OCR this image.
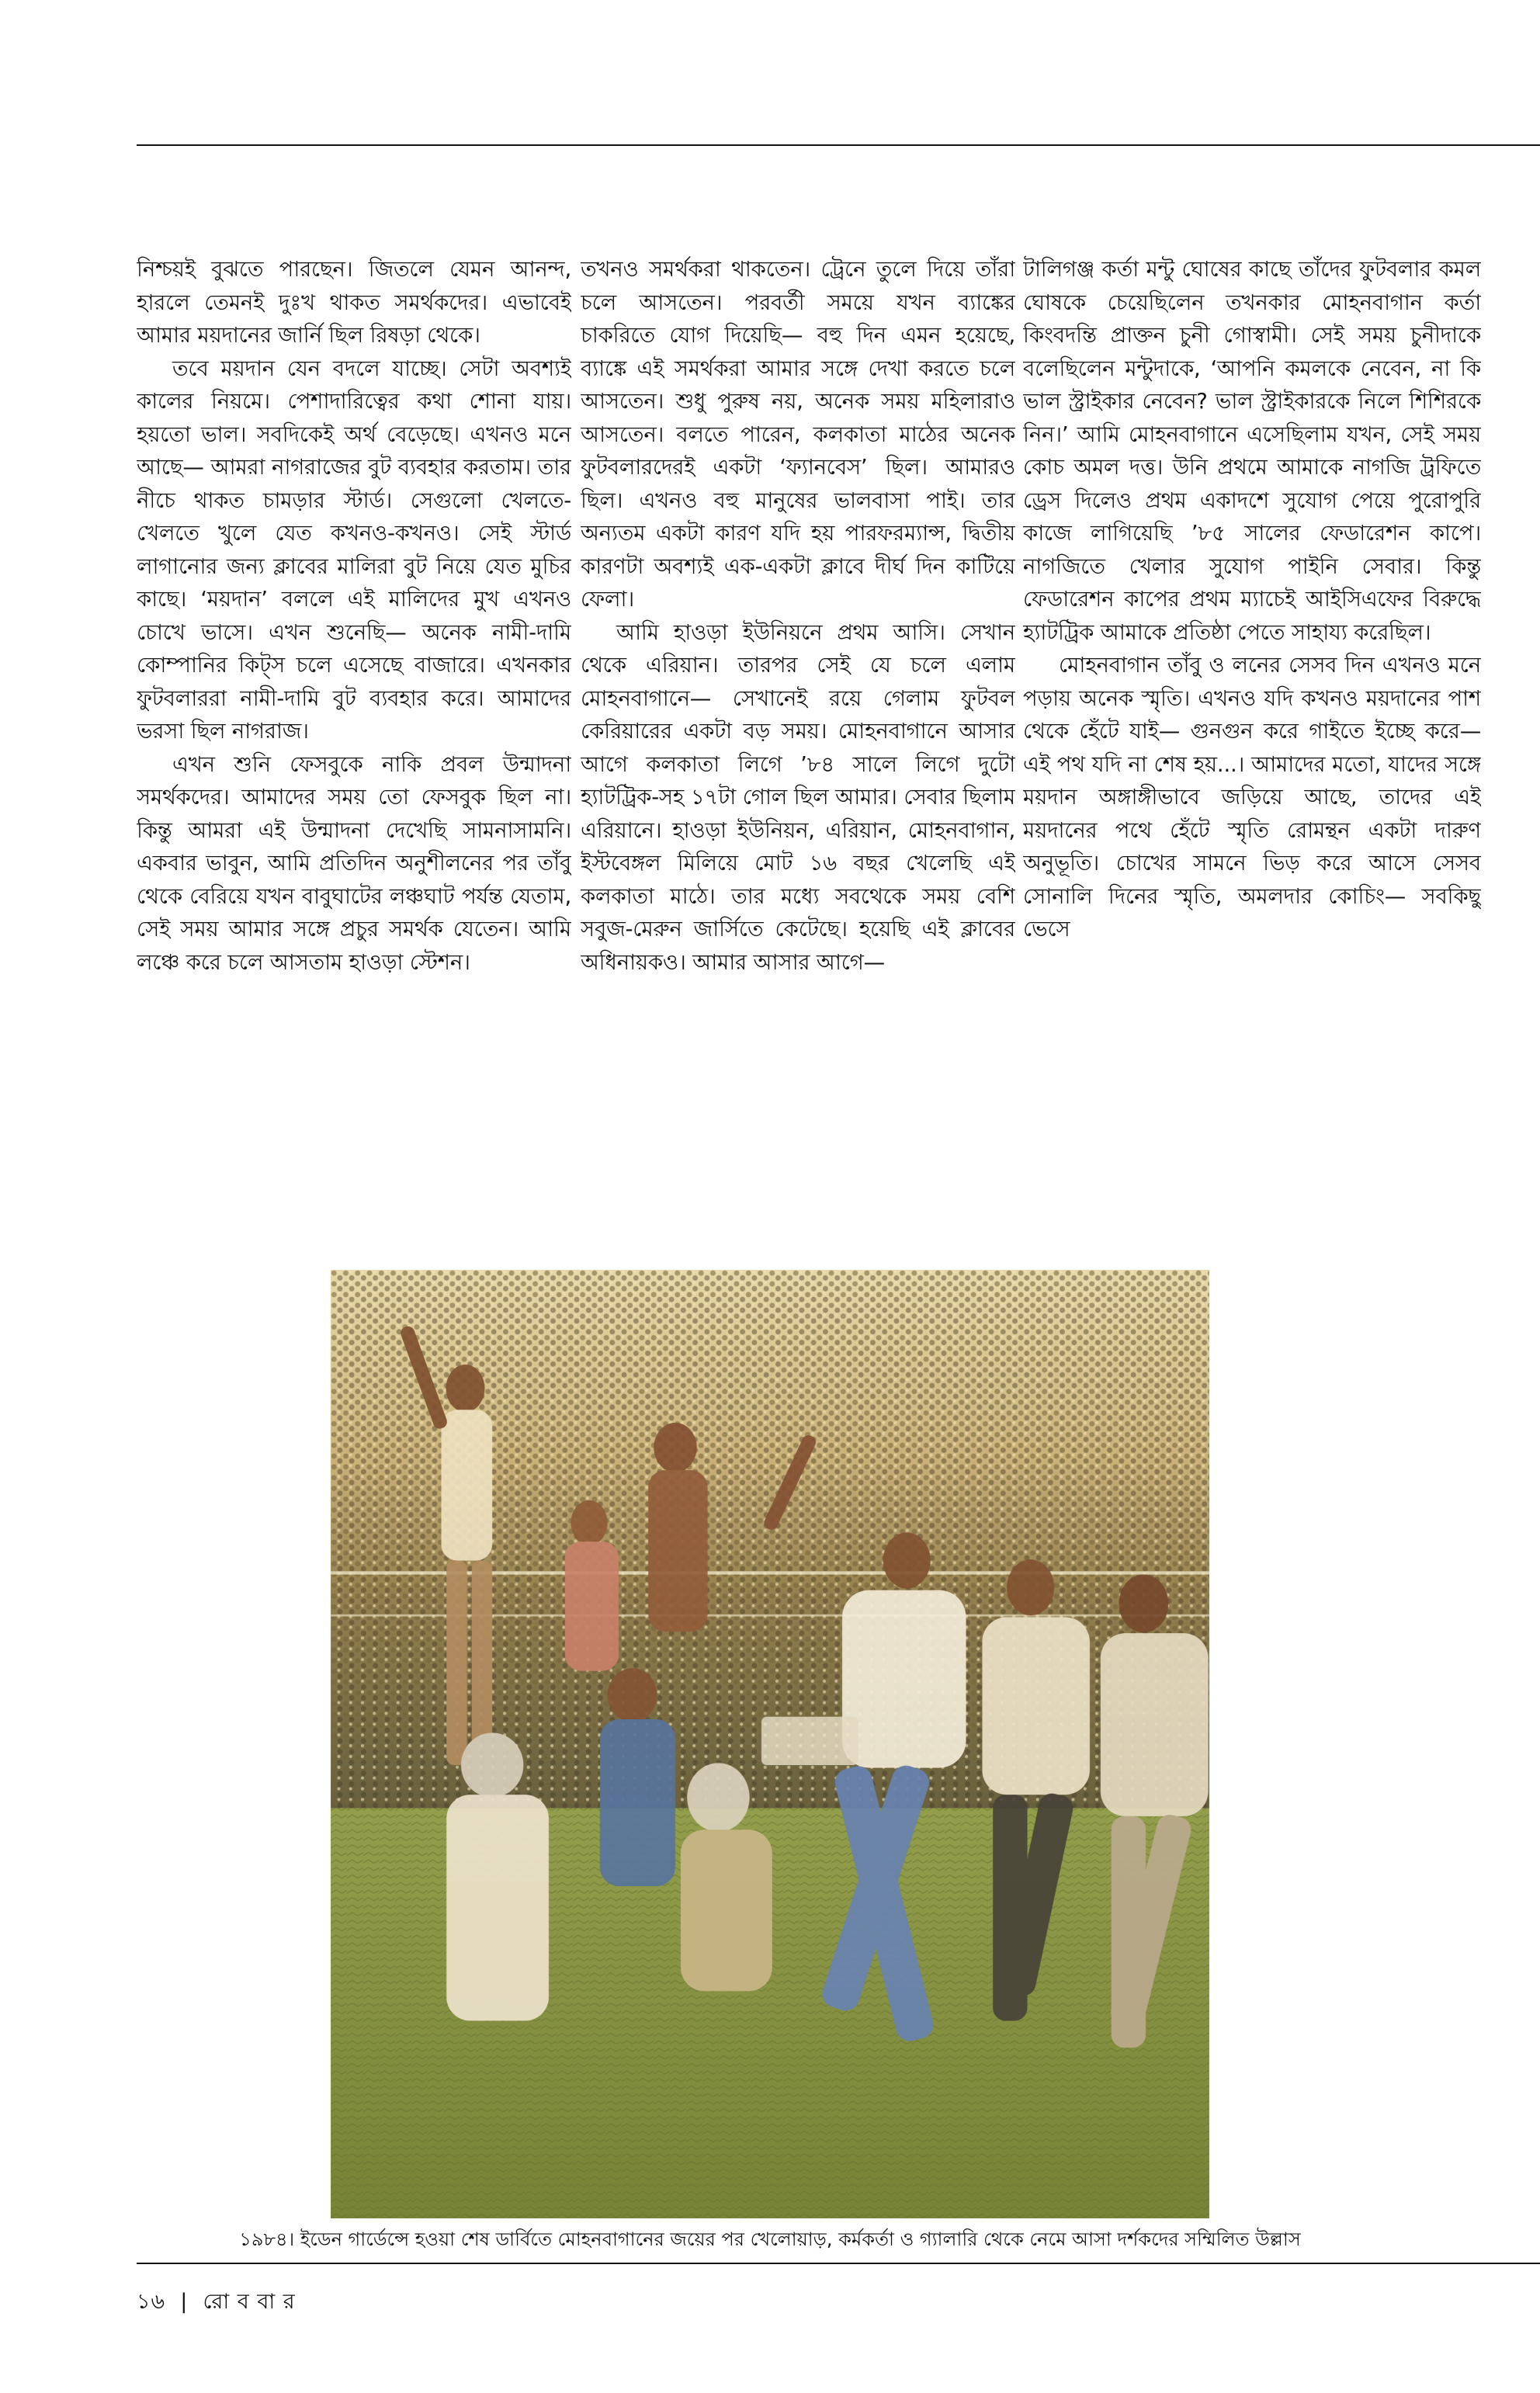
নিশ্চয়ই বুঝতে পারছেন। জিতলে যেমন আনন্দ, হারলে তেমনই দুঃখ থাকত সমর্থকদের। এভাবেই আমার ময়দানের জার্নি ছিল রিষড়া থেকে।

তবে ময়দান যেন বদলে যাচ্ছে। সেটা অবশ্যই কালের নিয়মে। পেশাদারিত্বের কথা শোনা যায়। হয়তো ভাল। সবদিকেই অর্থ বেড়েছে। এখনও মনে আছে— আমরা নাগরাজের বুট ব্যবহার করতাম। তার নীচে থাকত চামড়ার স্টার্ড। সেগুলো খেলতে-খেলতে খুলে যেত কখনও-কখনও। সেই স্টার্ড লাগানোর জন্য ক্লাবের মালিরা বুট নিয়ে যেত মুচির কাছে। ‘ময়দান’ বললে এই মালিদের মুখ এখনও চোখে ভাসে। এখন শুনেছি— অনেক নামী-দামি কোম্পানির কিট্‌স চলে এসেছে বাজারে। এখনকার ফুটবলাররা নামী-দামি বুট ব্যবহার করে। আমাদের ভরসা ছিল নাগরাজ।

এখন শুনি ফেসবুকে নাকি প্রবল উন্মাদনা সমর্থকদের। আমাদের সময় তো ফেসবুক ছিল না। কিন্তু আমরা এই উন্মাদনা দেখেছি সামনাসামনি। একবার ভাবুন, আমি প্রতিদিন অনুশীলনের পর তাঁবু থেকে বেরিয়ে যখন বাবুঘাটের লঞ্চঘাট পর্যন্ত যেতাম, সেই সময় আমার সঙ্গে প্রচুর সমর্থক যেতেন। আমি লঞ্চে করে চলে আসতাম হাওড়া স্টেশন।

তখনও সমর্থকরা থাকতেন। ট্রেনে তুলে দিয়ে তাঁরা চলে আসতেন। পরবর্তী সময়ে যখন ব্যাঙ্কের চাকরিতে যোগ দিয়েছি— বহু দিন এমন হয়েছে, ব্যাঙ্কে এই সমর্থকরা আমার সঙ্গে দেখা করতে চলে আসতেন। শুধু পুরুষ নয়, অনেক সময় মহিলারাও আসতেন। বলতে পারেন, কলকাতা মাঠের অনেক ফুটবলারদেরই একটা ‘ফ্যানবেস’ ছিল। আমারও ছিল। এখনও বহু মানুষের ভালবাসা পাই। তার অন্যতম একটা কারণ যদি হয় পারফরম্যান্স, দ্বিতীয় কারণটা অবশ্যই এক-একটা ক্লাবে দীর্ঘ দিন কাটিয়ে ফেলা।

আমি হাওড়া ইউনিয়নে প্রথম আসি। সেখান থেকে এরিয়ান। তারপর সেই যে চলে এলাম মোহনবাগানে— সেখানেই রয়ে গেলাম ফুটবল কেরিয়ারের একটা বড় সময়। মোহনবাগানে আসার আগে কলকাতা লিগে ’৮৪ সালে লিগে দুটো হ্যাটট্রিক-সহ ১৭টা গোল ছিল আমার। সেবার ছিলাম এরিয়ানে। হাওড়া ইউনিয়ন, এরিয়ান, মোহনবাগান, ইস্টবেঙ্গল মিলিয়ে মোট ১৬ বছর খেলেছি এই কলকাতা মাঠে। তার মধ্যে সবথেকে সময় বেশি সবুজ-মেরুন জার্সিতে কেটেছে। হয়েছি এই ক্লাবের অধিনায়কও। আমার আসার আগে—

টালিগঞ্জ কর্তা মন্টু ঘোষের কাছে তাঁদের ফুটবলার কমল ঘোষকে চেয়েছিলেন তখনকার মোহনবাগান কর্তা কিংবদন্তি প্রাক্তন চুনী গোস্বামী। সেই সময় চুনীদাকে বলেছিলেন মন্টুদাকে, ‘আপনি কমলকে নেবেন, না কি ভাল স্ট্রাইকার নেবেন? ভাল স্ট্রাইকারকে নিলে শিশিরকে নিন।’ আমি মোহনবাগানে এসেছিলাম যখন, সেই সময় কোচ অমল দত্ত। উনি প্রথমে আমাকে নাগজি ট্রফিতে ড্রেস দিলেও প্রথম একাদশে সুযোগ পেয়ে পুরোপুরি কাজে লাগিয়েছি ’৮৫ সালের ফেডারেশন কাপে। নাগজিতে খেলার সুযোগ পাইনি সেবার। কিন্তু ফেডারেশন কাপের প্রথম ম্যাচেই আইসিএফের বিরুদ্ধে হ্যাটট্রিক আমাকে প্রতিষ্ঠা পেতে সাহায্য করেছিল।

মোহনবাগান তাঁবু ও লনের সেসব দিন এখনও মনে পড়ায় অনেক স্মৃতি। এখনও যদি কখনও ময়দানের পাশ থেকে হেঁটে যাই— গুনগুন করে গাইতে ইচ্ছে করে— এই পথ যদি না শেষ হয়...। আমাদের মতো, যাদের সঙ্গে ময়দান অঙ্গাঙ্গীভাবে জড়িয়ে আছে, তাদের এই ময়দানের পথে হেঁটে স্মৃতি রোমন্থন একটা দারুণ অনুভূতি। চোখের সামনে ভিড় করে আসে সেসব সোনালি দিনের স্মৃতি, অমলদার কোচিং— সবকিছু ভেসে

১৯৮৪। ইডেন গার্ডেন্সে হওয়া শেষ ডার্বিতে মোহনবাগানের জয়ের পর খেলোয়াড়, কর্মকর্তা ও গ্যালারি থেকে নেমে আসা দর্শকদের সম্মিলিত উল্লাস
১৬  |  রো ব বা র
